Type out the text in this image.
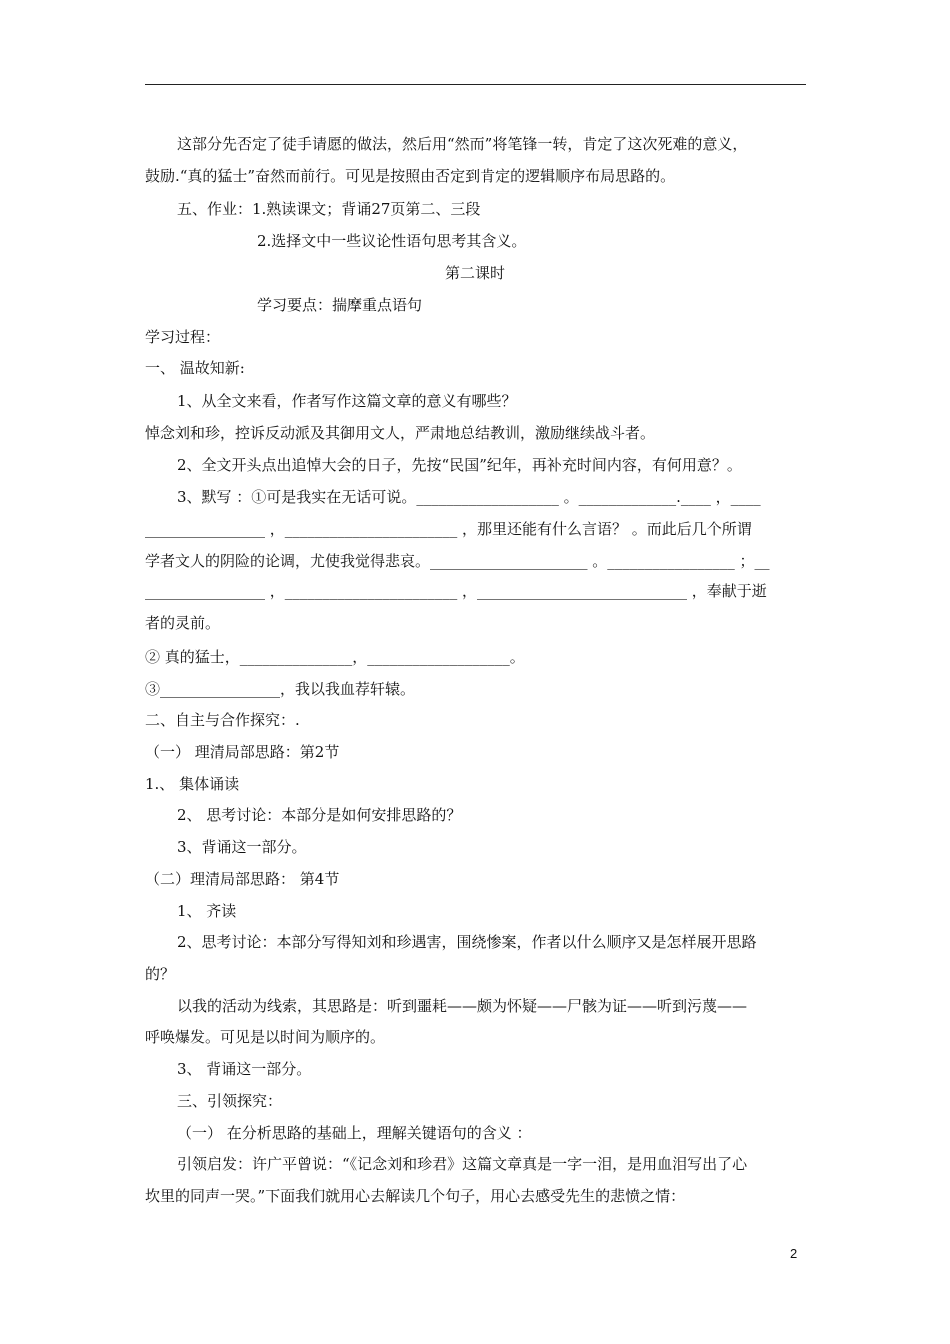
这部分先否定了徒手请愿的做法，然后用“然而”将笔锋一转，肯定了这次死难的意义，
鼓励.“真的猛士”奋然而前行。可见是按照由否定到肯定的逻辑顺序布局思路的。
五、作业：1.熟读课文；背诵27页第二、三段
2.选择文中一些议论性语句思考其含义。
第二课时
学习要点：揣摩重点语句
学习过程：
一、 温故知新:
1、从全文来看，作者写作这篇文章的意义有哪些？
悼念刘和珍，控诉反动派及其御用文人，严肃地总结教训，激励继续战斗者。
2、全文开头点出追悼大会的日子，先按“民国”纪年，再补充时间内容，有何用意？。
3、默写 ：①可是我实在无话可说。___________________ 。_____________.____ ，____
________________ ，_______________________ ，那里还能有什么言语？ 。而此后几个所谓
学者文人的阴险的论调，尤使我觉得悲哀。_____________________ 。_________________ ；__
________________ ，_______________________ ，____________________________ ，奉献于逝
者的灵前。
② 真的猛士，_______________，___________________。
③________________，我以我血荐轩辕。
二、自主与合作探究：.
（一） 理清局部思路：第2节
1.、 集体诵读
2、 思考讨论：本部分是如何安排思路的？
3、背诵这一部分。
（二）理清局部思路： 第4节
1、 齐读
2、思考讨论：本部分写得知刘和珍遇害，围绕惨案，作者以什么顺序又是怎样展开思路
的？
以我的活动为线索，其思路是：听到噩耗——颇为怀疑——尸骸为证——听到污蔑——
呼唤爆发。可见是以时间为顺序的。
3、 背诵这一部分。
三、引领探究：
（一） 在分析思路的基础上，理解关键语句的含义 ：
引领启发：许广平曾说：“《记念刘和珍君》这篇文章真是一字一泪，是用血泪写出了心
坎里的同声一哭。”下面我们就用心去解读几个句子，用心去感受先生的悲愤之情：
2
